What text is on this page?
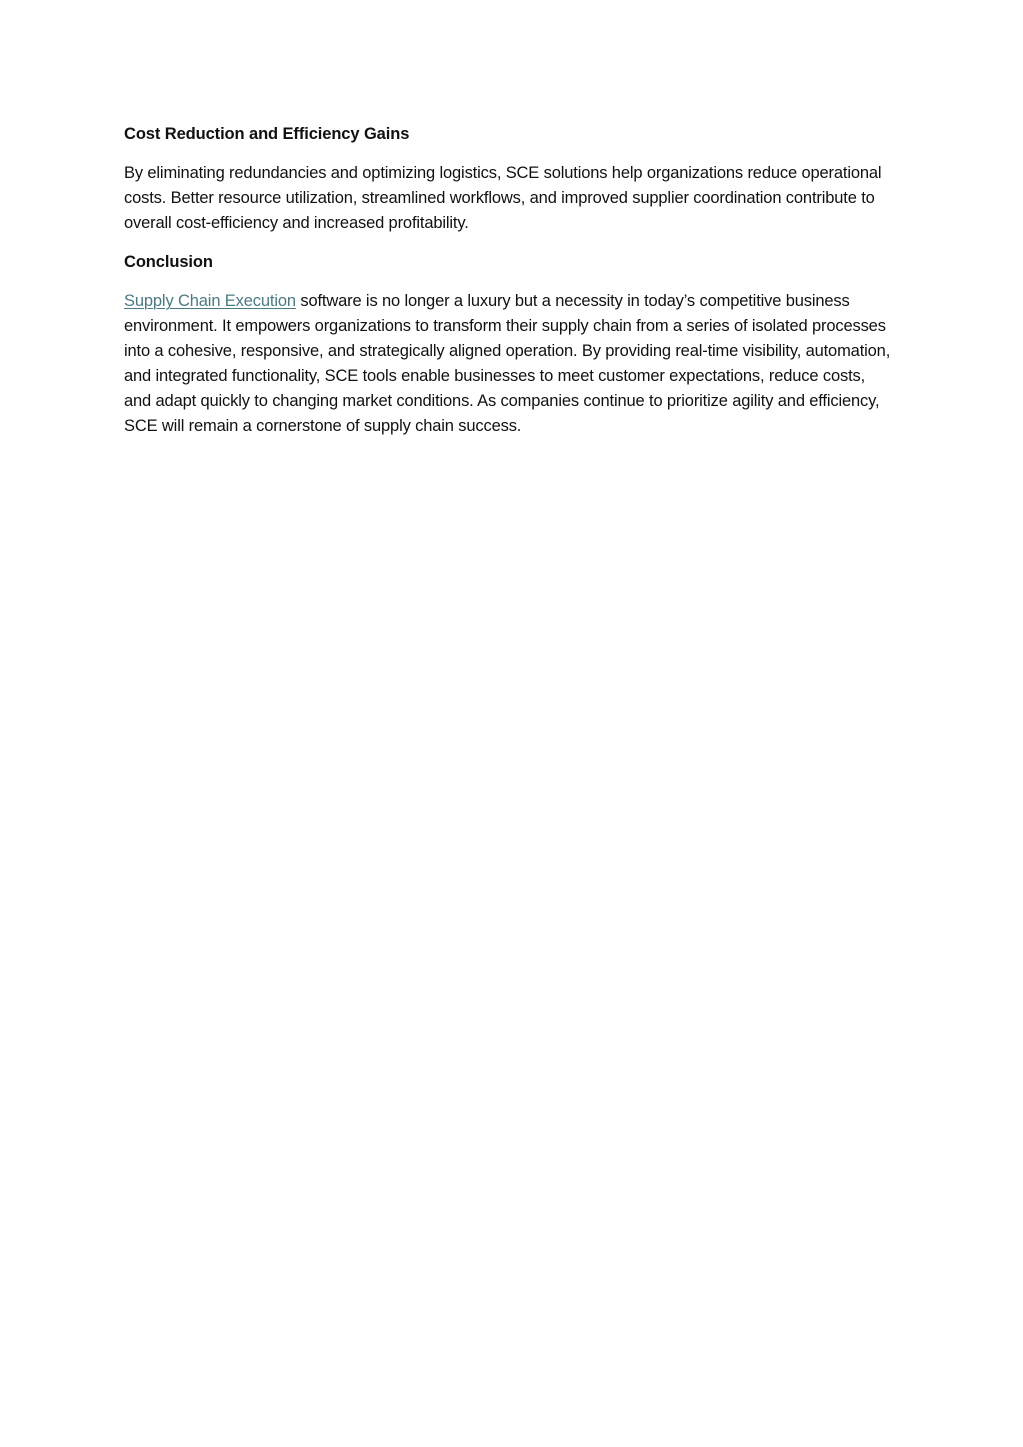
Cost Reduction and Efficiency Gains

By eliminating redundancies and optimizing logistics, SCE solutions help organizations reduce operational costs. Better resource utilization, streamlined workflows, and improved supplier coordination contribute to overall cost-efficiency and increased profitability.

Conclusion

Supply Chain Execution software is no longer a luxury but a necessity in today’s competitive business environment. It empowers organizations to transform their supply chain from a series of isolated processes into a cohesive, responsive, and strategically aligned operation. By providing real-time visibility, automation, and integrated functionality, SCE tools enable businesses to meet customer expectations, reduce costs, and adapt quickly to changing market conditions. As companies continue to prioritize agility and efficiency, SCE will remain a cornerstone of supply chain success.
